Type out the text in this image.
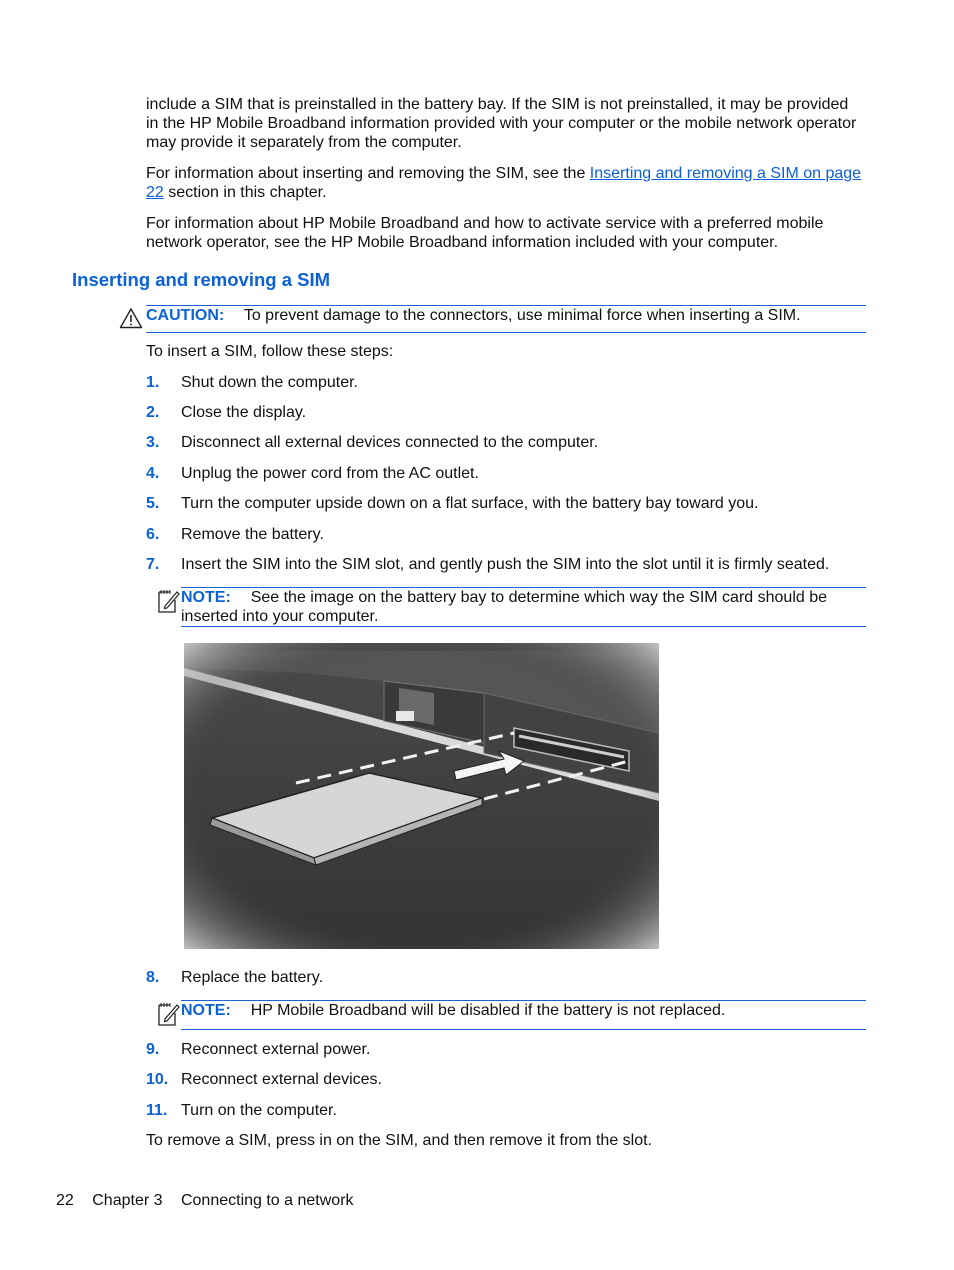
include a SIM that is preinstalled in the battery bay. If the SIM is not preinstalled, it may be provided in the HP Mobile Broadband information provided with your computer or the mobile network operator may provide it separately from the computer.

For information about inserting and removing the SIM, see the Inserting and removing a SIM on page 22 section in this chapter.

For information about HP Mobile Broadband and how to activate service with a preferred mobile network operator, see the HP Mobile Broadband information included with your computer.

Inserting and removing a SIM
CAUTION: To prevent damage to the connectors, use minimal force when inserting a SIM.

To insert a SIM, follow these steps:

1. Shut down the computer.
2. Close the display.
3. Disconnect all external devices connected to the computer.
4. Unplug the power cord from the AC outlet.
5. Turn the computer upside down on a flat surface, with the battery bay toward you.
6. Remove the battery.
7. Insert the SIM into the SIM slot, and gently push the SIM into the slot until it is firmly seated.
NOTE: See the image on the battery bay to determine which way the SIM card should be inserted into your computer.
8. Replace the battery.
NOTE: HP Mobile Broadband will be disabled if the battery is not replaced.
9. Reconnect external power.
10. Reconnect external devices.
11. Turn on the computer.

To remove a SIM, press in on the SIM, and then remove it from the slot.

22 Chapter 3 Connecting to a network
